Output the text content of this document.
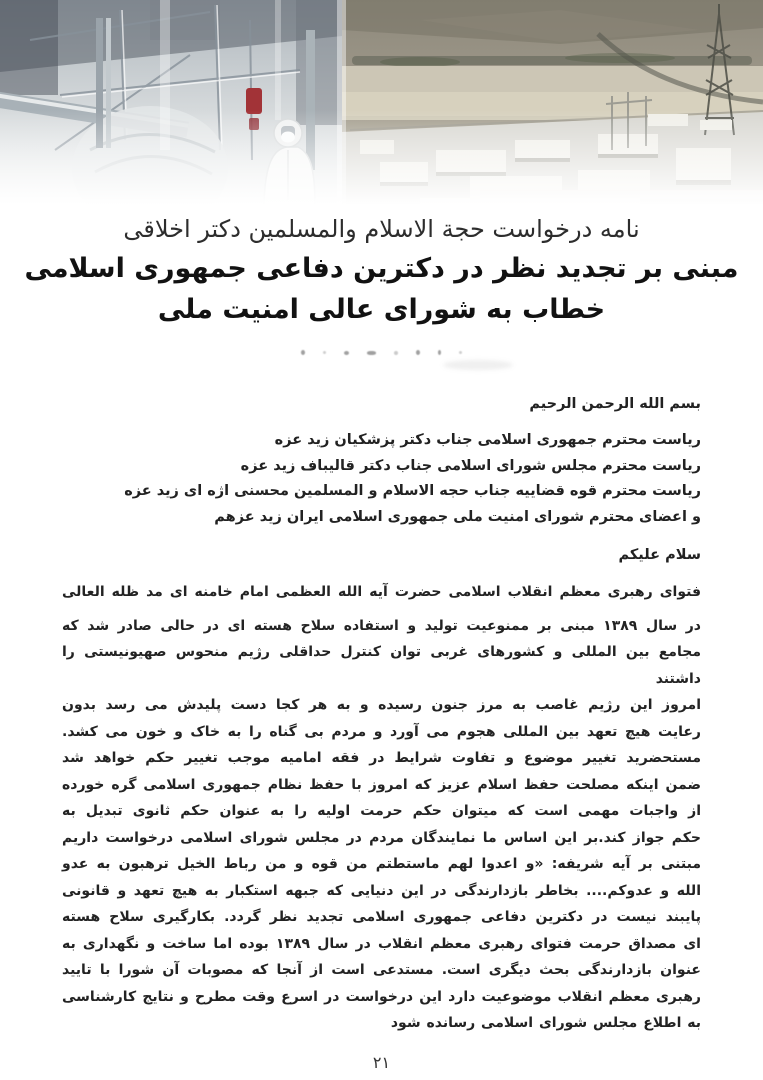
نامه درخواست حجة الاسلام والمسلمین دکتر اخلاقی
مبنی بر تجدید نظر در دکترین دفاعی جمهوری اسلامی
خطاب به شورای عالی امنیت ملی
بسم الله الرحمن الرحیم
ریاست محترم جمهوری اسلامی جناب دکتر پزشکیان زید عزه
ریاست محترم مجلس شورای اسلامی جناب دکتر قالیباف زید عزه
ریاست محترم قوه قضاییه جناب حجه الاسلام و المسلمین محسنی اژه ای زید عزه
و اعضای محترم شورای امنیت ملی جمهوری اسلامی ایران زید عزهم
سلام علیکم
فتوای رهبری معظم انقلاب اسلامی حضرت آیه الله العظمی امام خامنه ای مد ظله العالی
در سال ۱۳۸۹ مبنی بر ممنوعیت تولید و استفاده سلاح هسته ای در حالی صادر شد که
مجامع بین المللی و کشورهای غربی توان کنترل حداقلی رژیم منحوس صهیونیستی را داشتند
امروز این رژیم غاصب به مرز جنون رسیده و به هر کجا دست پلیدش می رسد بدون
رعایت هیچ تعهد بین المللی هجوم می آورد و مردم بی گناه را به خاک و خون می کشد.
مستحضرید تغییر موضوع و تفاوت شرایط در فقه امامیه موجب تغییر حکم خواهد شد
ضمن اینکه مصلحت حفظ اسلام عزیز که امروز با حفظ نظام جمهوری اسلامی گره خورده
از واجبات مهمی است که میتوان حکم حرمت اولیه را به عنوان حکم ثانوی تبدیل به
حکم جواز کند.بر این اساس ما نمایندگان مردم در مجلس شورای اسلامی درخواست داریم
مبتنی بر آیه شریفه: «و اعدوا لهم ماستطتم من قوه و من رباط الخیل ترهبون به عدو
الله و عدوکم.... بخاطر بازدارندگی در این دنیایی که جبهه استکبار به هیچ تعهد و قانونی
پایبند نیست در دکترین دفاعی جمهوری اسلامی تجدید نظر گردد. بکارگیری سلاح هسته
ای مصداق حرمت فتوای رهبری معظم انقلاب در سال ۱۳۸۹ بوده اما ساخت و نگهداری به
عنوان بازدارندگی بحث دیگری است. مستدعی است از آنجا که مصوبات آن شورا با تایید
رهبری معظم انقلاب موضوعیت دارد این درخواست در اسرع وقت مطرح و نتایج کارشناسی
به اطلاع مجلس شورای اسلامی رسانده شود
۲۱
